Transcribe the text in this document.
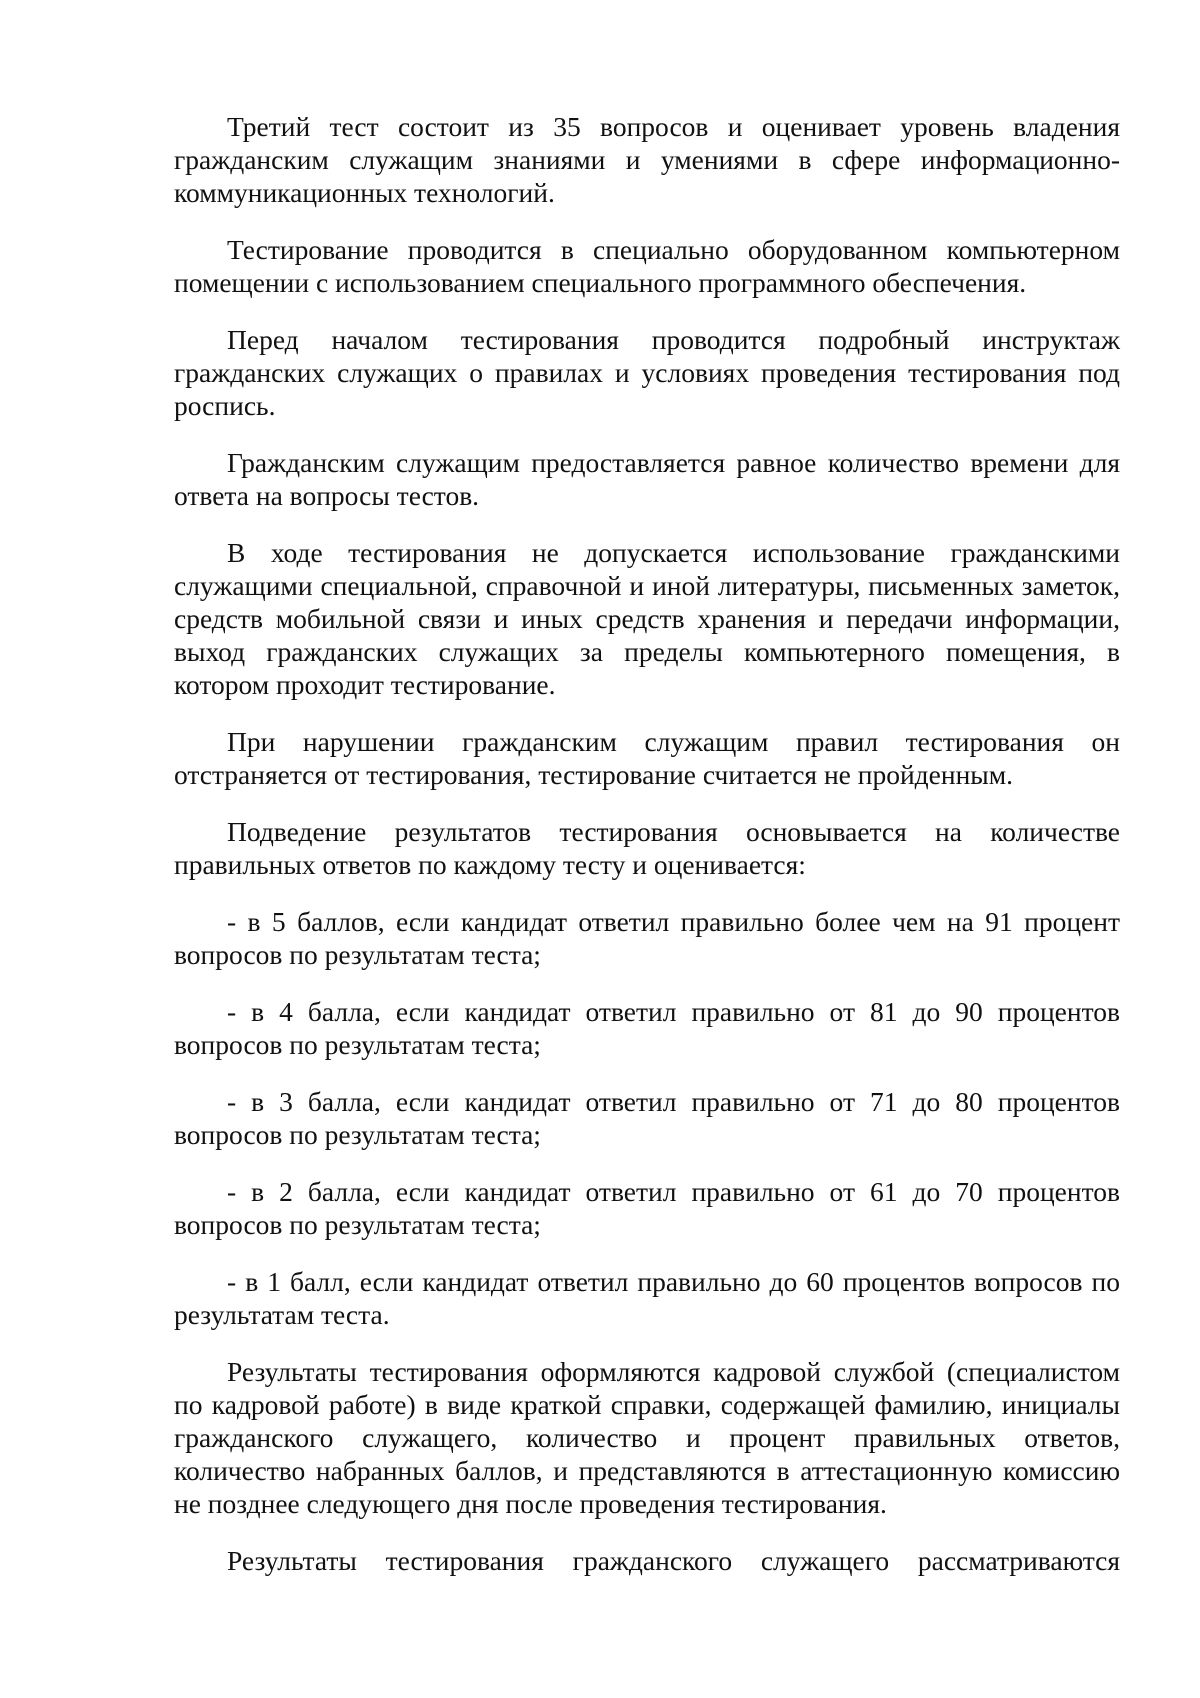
Третий тест состоит из 35 вопросов и оценивает уровень владения гражданским служащим знаниями и умениями в сфере информационно-коммуникационных технологий.

Тестирование проводится в специально оборудованном компьютерном помещении с использованием специального программного обеспечения.

Перед началом тестирования проводится подробный инструктаж гражданских служащих о правилах и условиях проведения тестирования под роспись.

Гражданским служащим предоставляется равное количество времени для ответа на вопросы тестов.

В ходе тестирования не допускается использование гражданскими служащими специальной, справочной и иной литературы, письменных заметок, средств мобильной связи и иных средств хранения и передачи информации, выход гражданских служащих за пределы компьютерного помещения, в котором проходит тестирование.

При нарушении гражданским служащим правил тестирования он отстраняется от тестирования, тестирование считается не пройденным.

Подведение результатов тестирования основывается на количестве правильных ответов по каждому тесту и оценивается:

- в 5 баллов, если кандидат ответил правильно более чем на 91 процент вопросов по результатам теста;

- в 4 балла, если кандидат ответил правильно от 81 до 90 процентов вопросов по результатам теста;

- в 3 балла, если кандидат ответил правильно от 71 до 80 процентов вопросов по результатам теста;

- в 2 балла, если кандидат ответил правильно от 61 до 70 процентов вопросов по результатам теста;

- в 1 балл, если кандидат ответил правильно до 60 процентов вопросов по результатам теста.

Результаты тестирования оформляются кадровой службой (специалистом по кадровой работе) в виде краткой справки, содержащей фамилию, инициалы гражданского служащего, количество и процент правильных ответов, количество набранных баллов, и представляются в аттестационную комиссию не позднее следующего дня после проведения тестирования.

Результаты тестирования гражданского служащего рассматриваются
